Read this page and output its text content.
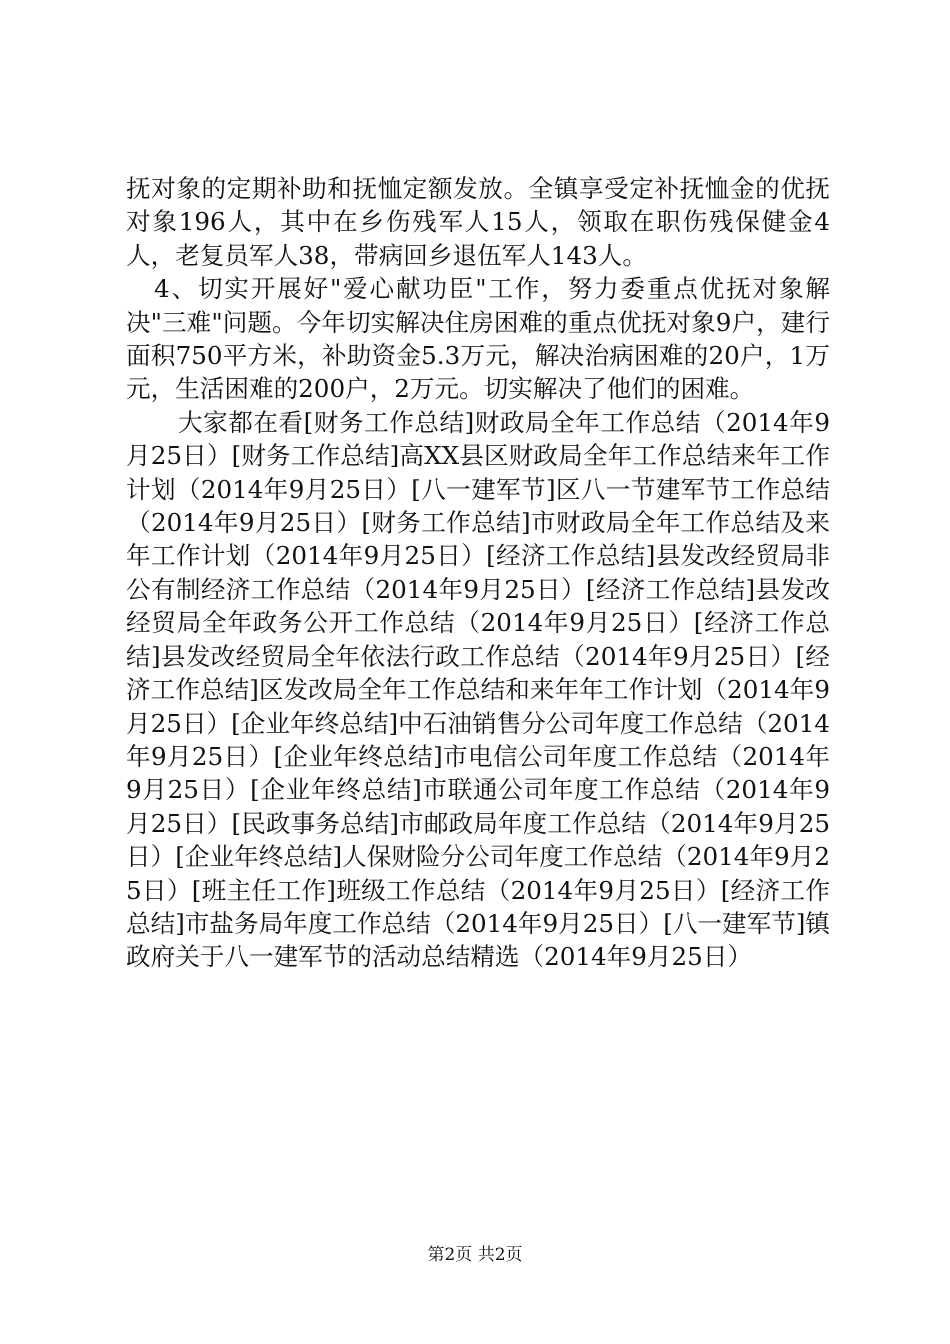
抚对象的定期补助和抚恤定额发放。全镇享受定补抚恤金的优抚对象196人，其中在乡伤残军人15人，领取在职伤残保健金4人，老复员军人38，带病回乡退伍军人143人。

4、切实开展好"爱心献功臣"工作，努力委重点优抚对象解决"三难"问题。今年切实解决住房困难的重点优抚对象9户，建行面积750平方米，补助资金5.3万元，解决治病困难的20户，1万元，生活困难的200户，2万元。切实解决了他们的困难。

大家都在看[财务工作总结]财政局全年工作总结（2014年9月25日）[财务工作总结]高XX县区财政局全年工作总结来年工作计划（2014年9月25日）[八一建军节]区八一节建军节工作总结（2014年9月25日）[财务工作总结]市财政局全年工作总结及来年工作计划（2014年9月25日）[经济工作总结]县发改经贸局非公有制经济工作总结（2014年9月25日）[经济工作总结]县发改经贸局全年政务公开工作总结（2014年9月25日）[经济工作总结]县发改经贸局全年依法行政工作总结（2014年9月25日）[经济工作总结]区发改局全年工作总结和来年年工作计划（2014年9月25日）[企业年终总结]中石油销售分公司年度工作总结（2014年9月25日）[企业年终总结]市电信公司年度工作总结（2014年9月25日）[企业年终总结]市联通公司年度工作总结（2014年9月25日）[民政事务总结]市邮政局年度工作总结（2014年9月25日）[企业年终总结]人保财险分公司年度工作总结（2014年9月25日）[班主任工作]班级工作总结（2014年9月25日）[经济工作总结]市盐务局年度工作总结（2014年9月25日）[八一建军节]镇政府关于八一建军节的活动总结精选（2014年9月25日）

第2页 共2页
